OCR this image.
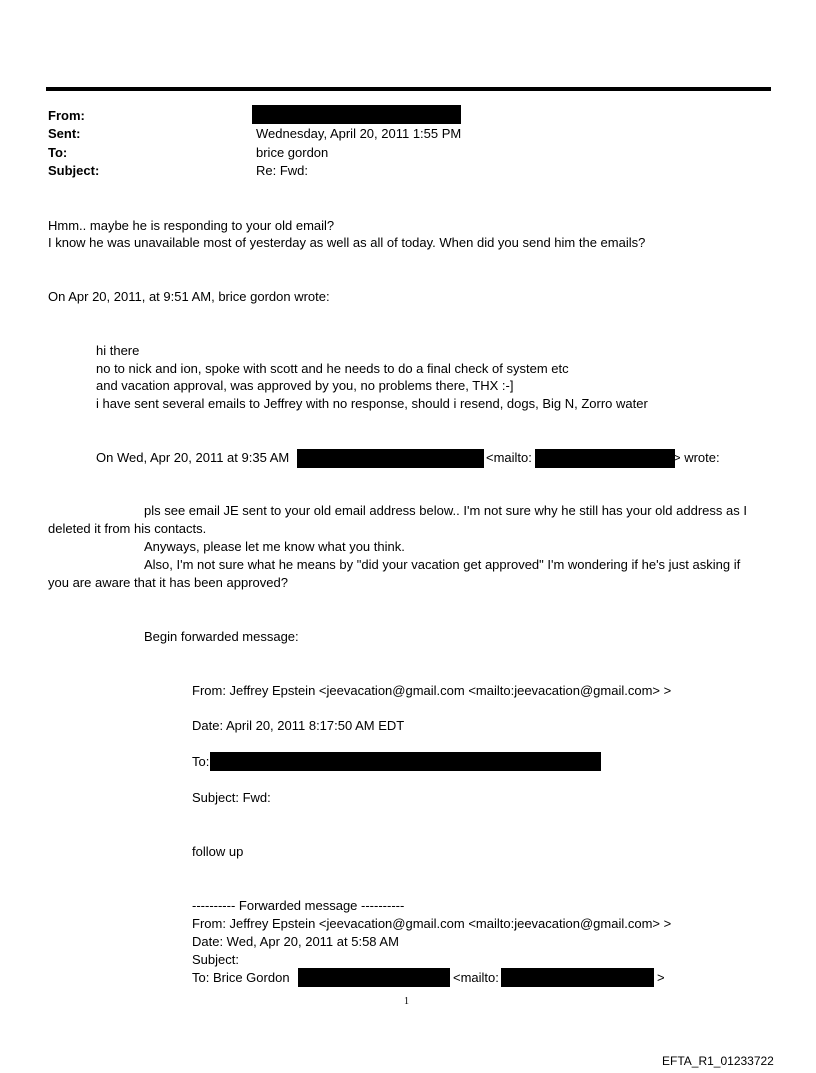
From:
Sent:	Wednesday, April 20, 2011 1:55 PM
To:	brice gordon
Subject:	Re: Fwd:
Hmm.. maybe he is responding to your old email?
I know he was unavailable most of yesterday as well as all of today. When did you send him the emails?
On Apr 20, 2011, at 9:51 AM, brice gordon wrote:
hi there
no to nick and ion, spoke with scott and he needs to do a final check of system etc
and vacation approval, was approved by you, no problems there, THX :-]
i have sent several emails to Jeffrey with no response, should i resend, dogs, Big N, Zorro water
On Wed, Apr 20, 2011 at 9:35 AM	<mailto:	> wrote:
pls see email JE sent to your old email address below.. I'm not sure why he still has your old address as I
deleted it from his contacts.
Anyways, please let me know what you think.
Also, I'm not sure what he means by "did your vacation get approved" I'm wondering if he's just asking if
you are aware that it has been approved?
Begin forwarded message:
From: Jeffrey Epstein <jeevacation@gmail.com <mailto:jeevacation@gmail.com> >
Date: April 20, 2011 8:17:50 AM EDT
To:
Subject: Fwd:
follow up
---------- Forwarded message ----------
From: Jeffrey Epstein <jeevacation@gmail.com <mailto:jeevacation@gmail.com> >
Date: Wed, Apr 20, 2011 at 5:58 AM
Subject:
To: Brice Gordon	<mailto:	>
1
EFTA_R1_01233722
